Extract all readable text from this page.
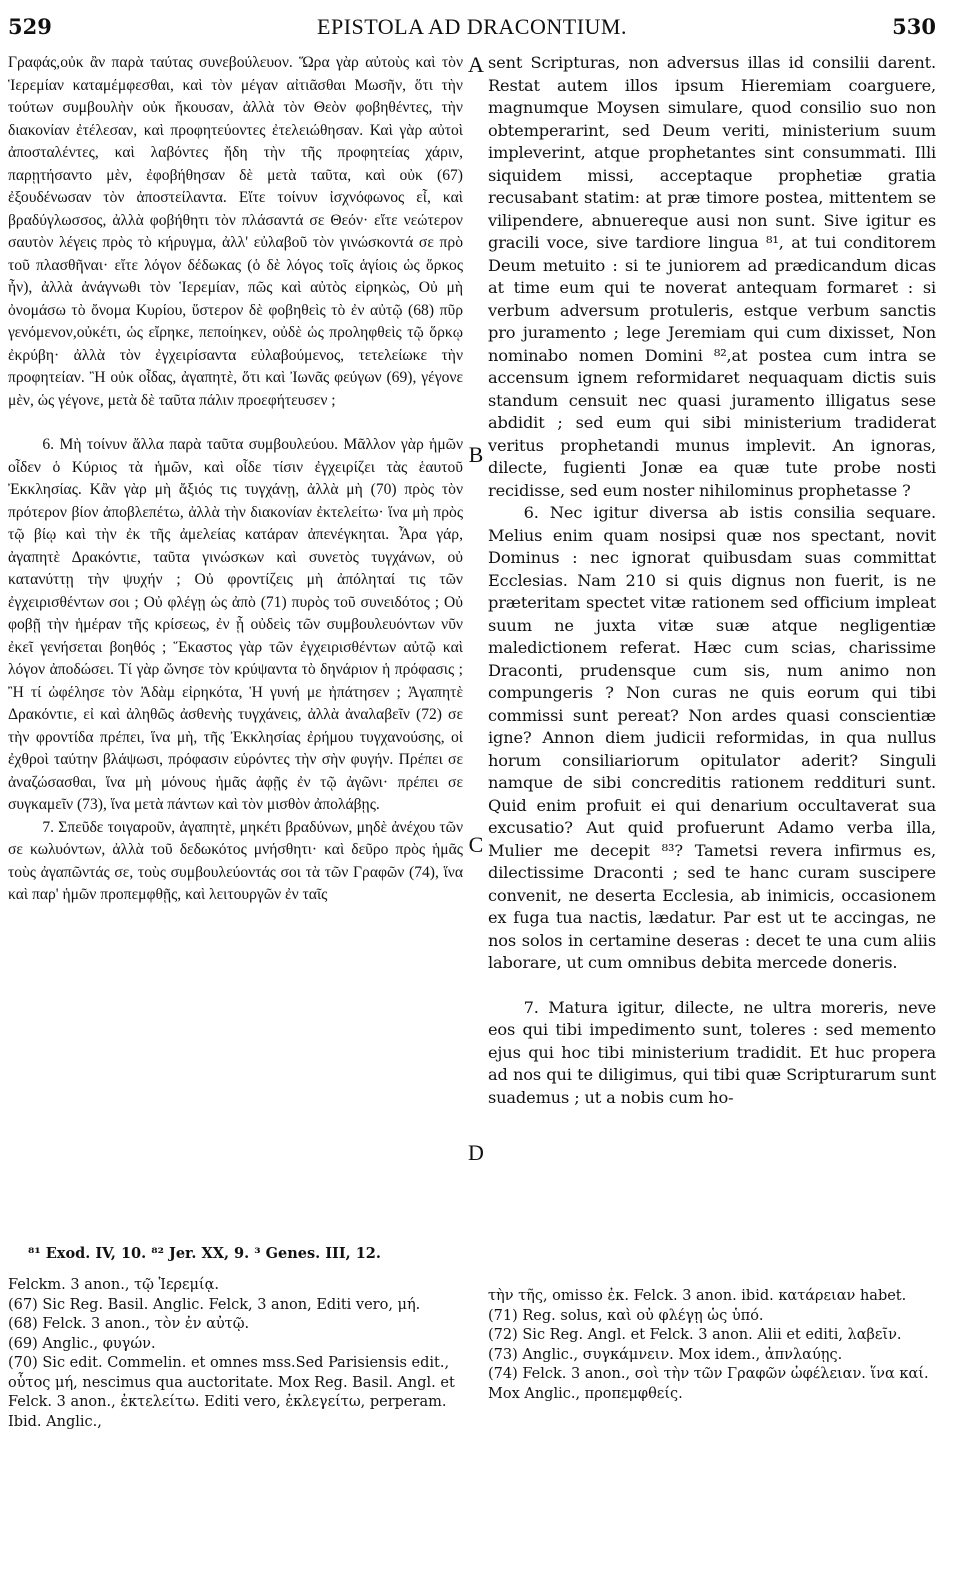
529	EPISTOLA AD DRACONTIUM.	530

Γραφάς,οὐκ ἂν παρὰ ταύτας συνεβούλευον. Ὥρα γὰρ αὐτοὺς καὶ τὸν Ἱερεμίαν καταμέμφεσθαι, καὶ τὸν μέγαν αἰτιᾶσθαι Μωσῆν, ὅτι τὴν τούτων συμβουλὴν οὐκ ἤκουσαν, ἀλλὰ τὸν Θεὸν φοβηθέντες, τὴν διακονίαν ἐτέλεσαν, καὶ προφητεύοντες ἐτελειώθησαν. Καὶ γὰρ αὐτοὶ ἀποσταλέντες, καὶ λαβόντες ἤδη τὴν τῆς προφητείας χάριν, παρῃτήσαντο μὲν, ἐφοβήθησαν δὲ μετὰ ταῦτα, καὶ οὐκ (67) ἐξουδένωσαν τὸν ἀποστείλαντα. Εἴτε τοίνυν ἰσχνόφωνος εἶ, καὶ βραδύγλωσσος, ἀλλὰ φοβήθητι τὸν πλάσαντά σε Θεόν· εἴτε νεώτερον σαυτὸν λέγεις πρὸς τὸ κήρυγμα, ἀλλ' εὐλαβοῦ τὸν γινώσκοντά σε πρὸ τοῦ πλασθῆναι· εἴτε λόγον δέδωκας (ὁ δὲ λόγος τοῖς ἁγίοις ὡς ὅρκος ἦν), ἀλλὰ ἀνάγνωθι τὸν Ἱερεμίαν, πῶς καὶ αὐτὸς εἰρηκὼς, Οὐ μὴ ὀνομάσω τὸ ὄνομα Κυρίου, ὕστερον δὲ φοβηθεὶς τὸ ἐν αὐτῷ (68) πῦρ γενόμενον,οὐκέτι, ὡς εἴρηκε, πεποίηκεν, οὐδὲ ὡς προληφθεὶς τῷ ὅρκῳ ἐκρύβη· ἀλλὰ τὸν ἐγχειρίσαντα εὐλαβούμενος, τετελείωκε τὴν προφητείαν. Ἢ οὐκ οἶδας, ἀγαπητὲ, ὅτι καὶ Ἰωνᾶς φεύγων (69), γέγονε μὲν, ὡς γέγονε, μετὰ δὲ ταῦτα πάλιν προεφήτευσεν ;

6. Μὴ τοίνυν ἄλλα παρὰ ταῦτα συμβουλεύου. Μᾶλλον γὰρ ἡμῶν οἶδεν ὁ Κύριος τὰ ἡμῶν, καὶ οἶδε τίσιν ἐγχειρίζει τὰς ἑαυτοῦ Ἐκκλησίας. Κἂν γὰρ μὴ ἄξιός τις τυγχάνῃ, ἀλλὰ μὴ (70) πρὸς τὸν πρότερον βίον ἀποβλεπέτω, ἀλλὰ τὴν διακονίαν ἐκτελείτω· ἵνα μὴ πρὸς τῷ βίῳ καὶ τὴν ἐκ τῆς ἀμελείας κατάραν ἀπενέγκηται. Ἆρα γάρ, ἀγαπητὲ Δρακόντιε, ταῦτα γινώσκων καὶ συνετὸς τυγχάνων, οὐ κατανύττῃ τὴν ψυχήν ; Οὐ φροντίζεις μὴ ἀπόληταί τις τῶν ἐγχειρισθέντων σοι ; Οὐ φλέγῃ ὡς ἀπὸ (71) πυρὸς τοῦ συνειδότος ; Οὐ φοβῇ τὴν ἡμέραν τῆς κρίσεως, ἐν ᾗ οὐδεὶς τῶν συμβουλευόντων νῦν ἐκεῖ γενήσεται βοηθός ; Ἕκαστος γὰρ τῶν ἐγχειρισθέντων αὐτῷ καὶ λόγον ἀποδώσει. Τί γὰρ ὤνησε τὸν κρύψαντα τὸ δηνάριον ἡ πρόφασις ; Ἢ τί ὠφέλησε τὸν Ἀδὰμ εἰρηκότα, Ἡ γυνή με ἠπάτησεν ; Ἀγαπητὲ Δρακόντιε, εἰ καὶ ἀληθῶς ἀσθενὴς τυγχάνεις, ἀλλὰ ἀναλαβεῖν (72) σε τὴν φροντίδα πρέπει, ἵνα μὴ, τῆς Ἐκκλησίας ἐρήμου τυγχανούσης, οἱ ἐχθροὶ ταύτην βλάψωσι, πρόφασιν εὑρόντες τὴν σὴν φυγήν. Πρέπει σε ἀναζώσασθαι, ἵνα μὴ μόνους ἡμᾶς ἀφῇς ἐν τῷ ἀγῶνι· πρέπει σε συγκαμεῖν (73), ἵνα μετὰ πάντων καὶ τὸν μισθὸν ἀπολάβῃς.

7. Σπεῦδε τοιγαροῦν, ἀγαπητὲ, μηκέτι βραδύνων, μηδὲ ἀνέχου τῶν σε κωλυόντων, ἀλλὰ τοῦ δεδωκότος μνήσθητι· καὶ δεῦρο πρὸς ἡμᾶς τοὺς ἀγαπῶντάς σε, τοὺς συμβουλεύοντάς σοι τὰ τῶν Γραφῶν (74), ἵνα καὶ παρ' ἡμῶν προπεμφθῇς, καὶ λειτουργῶν ἐν ταῖς

sent Scripturas, non adversus illas id consilii darent. Restat autem illos ipsum Hieremiam coarguere, magnumque Moysen simulare, quod consilio suo non obtemperarint, sed Deum veriti, ministerium suum impleverint, atque prophetantes sint consummati. Illi siquidem missi, acceptaque prophetiæ gratia recusabant statim: at præ timore postea, mittentem se vilipendere, abnuereque ausi non sunt. Sive igitur es gracili voce, sive tardiore lingua ⁸¹, at tui conditorem Deum metuito : si te juniorem ad prædicandum dicas at time eum qui te noverat antequam formaret : si verbum adversum protuleris, estque verbum sanctis pro juramento ; lege Jeremiam qui cum dixisset, Non nominabo nomen Domini ⁸²,at postea cum intra se accensum ignem reformidaret nequaquam dictis suis standum censuit nec quasi juramento illigatus sese abdidit ; sed eum qui sibi ministerium tradiderat veritus prophetandi munus implevit. An ignoras, dilecte, fugienti Jonæ ea quæ tute probe nosti recidisse, sed eum noster nihilominus prophetasse ?

6. Nec igitur diversa ab istis consilia sequare. Melius enim quam nosipsi quæ nos spectant, novit Dominus : nec ignorat quibusdam suas committat Ecclesias. Nam 210 si quis dignus non fuerit, is ne præteritam spectet vitæ rationem sed officium impleat suum ne juxta vitæ suæ atque negligentiæ maledictionem referat. Hæc cum scias, charissime Draconti, prudensque cum sis, num animo non compungeris ? Non curas ne quis eorum qui tibi commissi sunt pereat? Non ardes quasi conscientiæ igne? Annon diem judicii reformidas, in qua nullus horum consiliariorum opitulator aderit? Singuli namque de sibi concreditis rationem reddituri sunt. Quid enim profuit ei qui denarium occultaverat sua excusatio? Aut quid profuerunt Adamo verba illa, Mulier me decepit ⁸³? Tametsi revera infirmus es, dilectissime Draconti ; sed te hanc curam suscipere convenit, ne deserta Ecclesia, ab inimicis, occasionem ex fuga tua nactis, lædatur. Par est ut te accingas, ne nos solos in certamine deseras : decet te una cum aliis laborare, ut cum omnibus debita mercede doneris.

7. Matura igitur, dilecte, ne ultra moreris, neve eos qui tibi impedimento sunt, toleres : sed memento ejus qui hoc tibi ministerium tradidit. Et huc propera ad nos qui te diligimus, qui tibi quæ Scripturarum sunt suademus ; ut a nobis cum ho-

A
B
C
D
⁸¹ Exod. IV, 10. ⁸² Jer. XX, 9. ³ Genes. III, 12.

Felckm. 3 anon., τῷ Ἱερεμίᾳ.

(67) Sic Reg. Basil. Anglic. Felck, 3 anon, Editi vero, μή.

(68) Felck. 3 anon., τὸν ἐν αὐτῷ.

(69) Anglic., φυγών.

(70) Sic edit. Commelin. et omnes mss.Sed Parisiensis edit., οὗτος μή, nescimus qua auctoritate. Mox Reg. Basil. Angl. et Felck. 3 anon., ἐκτελείτω. Editi vero, ἐκλεγείτω, perperam. Ibid. Anglic.,

τὴν τῆς, omisso ἐκ. Felck. 3 anon. ibid. κατάρειαν habet.

(71) Reg. solus, καὶ οὐ φλέγῃ ὡς ὑπό.

(72) Sic Reg. Angl. et Felck. 3 anon. Alii et editi, λαβεῖν.

(73) Anglic., συγκάμνειν. Mox idem., ἀπνλαύῃς.

(74) Felck. 3 anon., σοὶ τὴν τῶν Γραφῶν ὠφέλειαν. ἵνα καί. Mox Anglic., προπεμφθείς.
